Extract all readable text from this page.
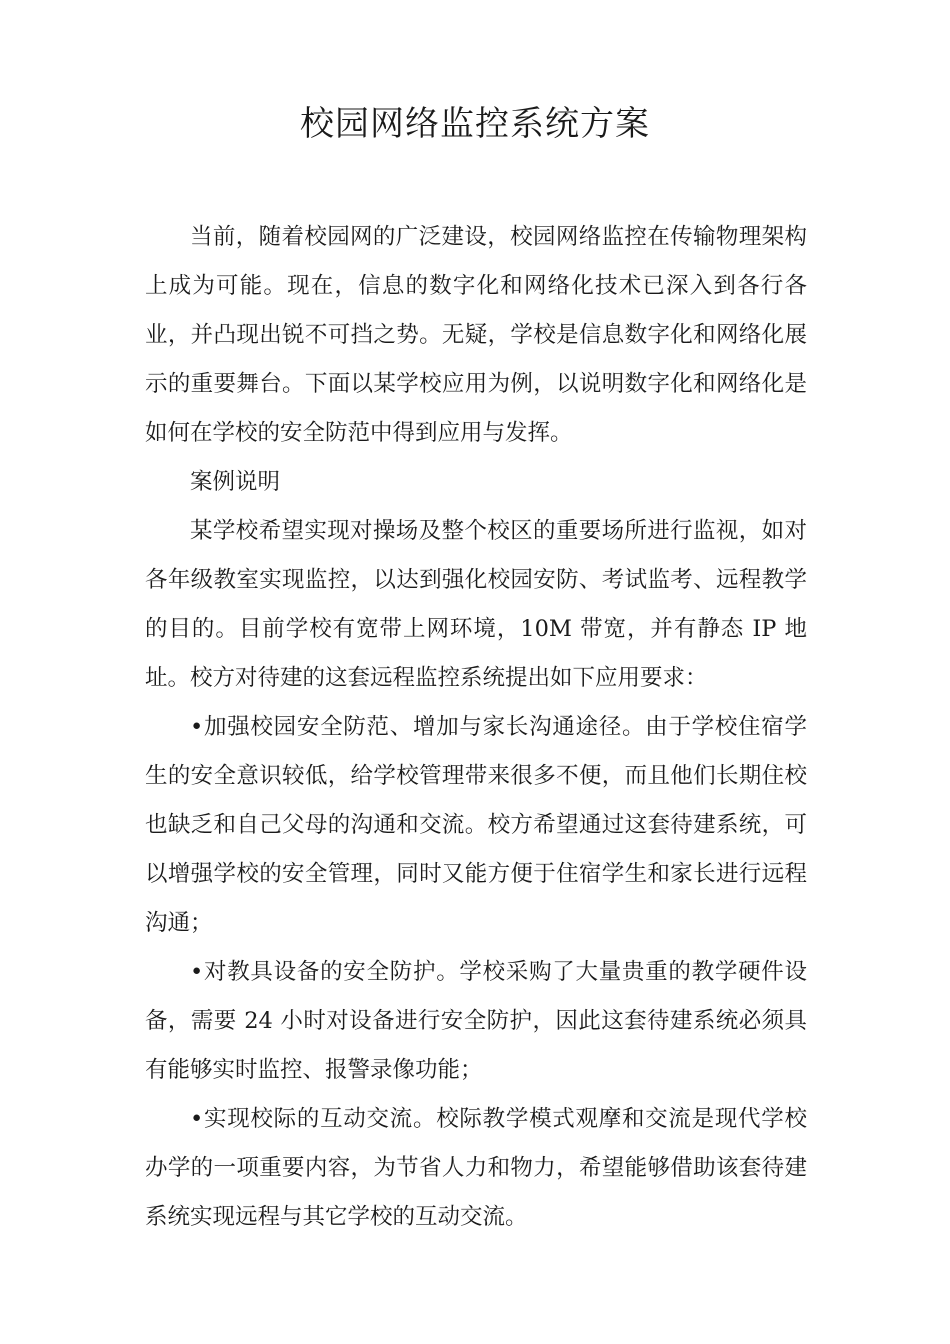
校园网络监控系统方案

当前，随着校园网的广泛建设，校园网络监控在传输物理架构上成为可能。现在，信息的数字化和网络化技术已深入到各行各业，并凸现出锐不可挡之势。无疑，学校是信息数字化和网络化展示的重要舞台。下面以某学校应用为例，以说明数字化和网络化是如何在学校的安全防范中得到应用与发挥。

案例说明

某学校希望实现对操场及整个校区的重要场所进行监视，如对各年级教室实现监控，以达到强化校园安防、考试监考、远程教学的目的。目前学校有宽带上网环境，10M 带宽，并有静态 IP 地址。校方对待建的这套远程监控系统提出如下应用要求：

•加强校园安全防范、增加与家长沟通途径。由于学校住宿学生的安全意识较低，给学校管理带来很多不便，而且他们长期住校也缺乏和自己父母的沟通和交流。校方希望通过这套待建系统，可以增强学校的安全管理，同时又能方便于住宿学生和家长进行远程沟通；

•对教具设备的安全防护。学校采购了大量贵重的教学硬件设备，需要 24 小时对设备进行安全防护，因此这套待建系统必须具有能够实时监控、报警录像功能；

•实现校际的互动交流。校际教学模式观摩和交流是现代学校办学的一项重要内容，为节省人力和物力，希望能够借助该套待建系统实现远程与其它学校的互动交流。
